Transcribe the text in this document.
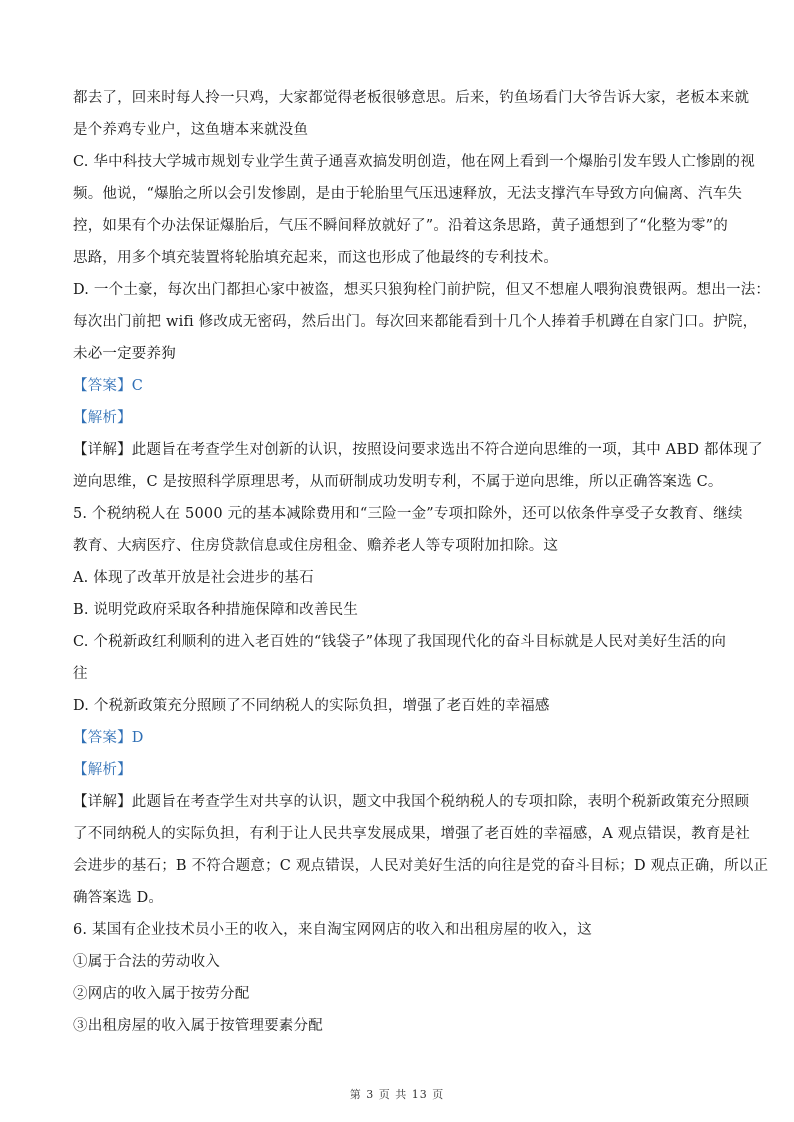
都去了，回来时每人拎一只鸡，大家都觉得老板很够意思。后来，钓鱼场看门大爷告诉大家，老板本来就
是个养鸡专业户，这鱼塘本来就没鱼
C. 华中科技大学城市规划专业学生黄子通喜欢搞发明创造，他在网上看到一个爆胎引发车毁人亡惨剧的视
频。他说，“爆胎之所以会引发惨剧，是由于轮胎里气压迅速释放，无法支撑汽车导致方向偏离、汽车失
控，如果有个办法保证爆胎后，气压不瞬间释放就好了”。沿着这条思路，黄子通想到了“化整为零”的
思路，用多个填充装置将轮胎填充起来，而这也形成了他最终的专利技术。
D. 一个土豪，每次出门都担心家中被盗，想买只狼狗栓门前护院，但又不想雇人喂狗浪费银两。想出一法：
每次出门前把 wifi 修改成无密码，然后出门。每次回来都能看到十几个人捧着手机蹲在自家门口。护院，
未必一定要养狗
【答案】C
【解析】
【详解】此题旨在考查学生对创新的认识，按照设问要求选出不符合逆向思维的一项，其中 ABD 都体现了
逆向思维，C 是按照科学原理思考，从而研制成功发明专利，不属于逆向思维，所以正确答案选 C。
5. 个税纳税人在 5000 元的基本减除费用和“三险一金”专项扣除外，还可以依条件享受子女教育、继续
教育、大病医疗、住房贷款信息或住房租金、赡养老人等专项附加扣除。这
A. 体现了改革开放是社会进步的基石
B. 说明党政府采取各种措施保障和改善民生
C. 个税新政红利顺利的进入老百姓的“钱袋子”体现了我国现代化的奋斗目标就是人民对美好生活的向
往
D. 个税新政策充分照顾了不同纳税人的实际负担，增强了老百姓的幸福感
【答案】D
【解析】
【详解】此题旨在考查学生对共享的认识，题文中我国个税纳税人的专项扣除，表明个税新政策充分照顾
了不同纳税人的实际负担，有利于让人民共享发展成果，增强了老百姓的幸福感，A 观点错误，教育是社
会进步的基石；B 不符合题意；C 观点错误，人民对美好生活的向往是党的奋斗目标；D 观点正确，所以正
确答案选 D。
6. 某国有企业技术员小王的收入，来自淘宝网网店的收入和出租房屋的收入，这
①属于合法的劳动收入
②网店的收入属于按劳分配
③出租房屋的收入属于按管理要素分配
第 3 页 共 13 页
